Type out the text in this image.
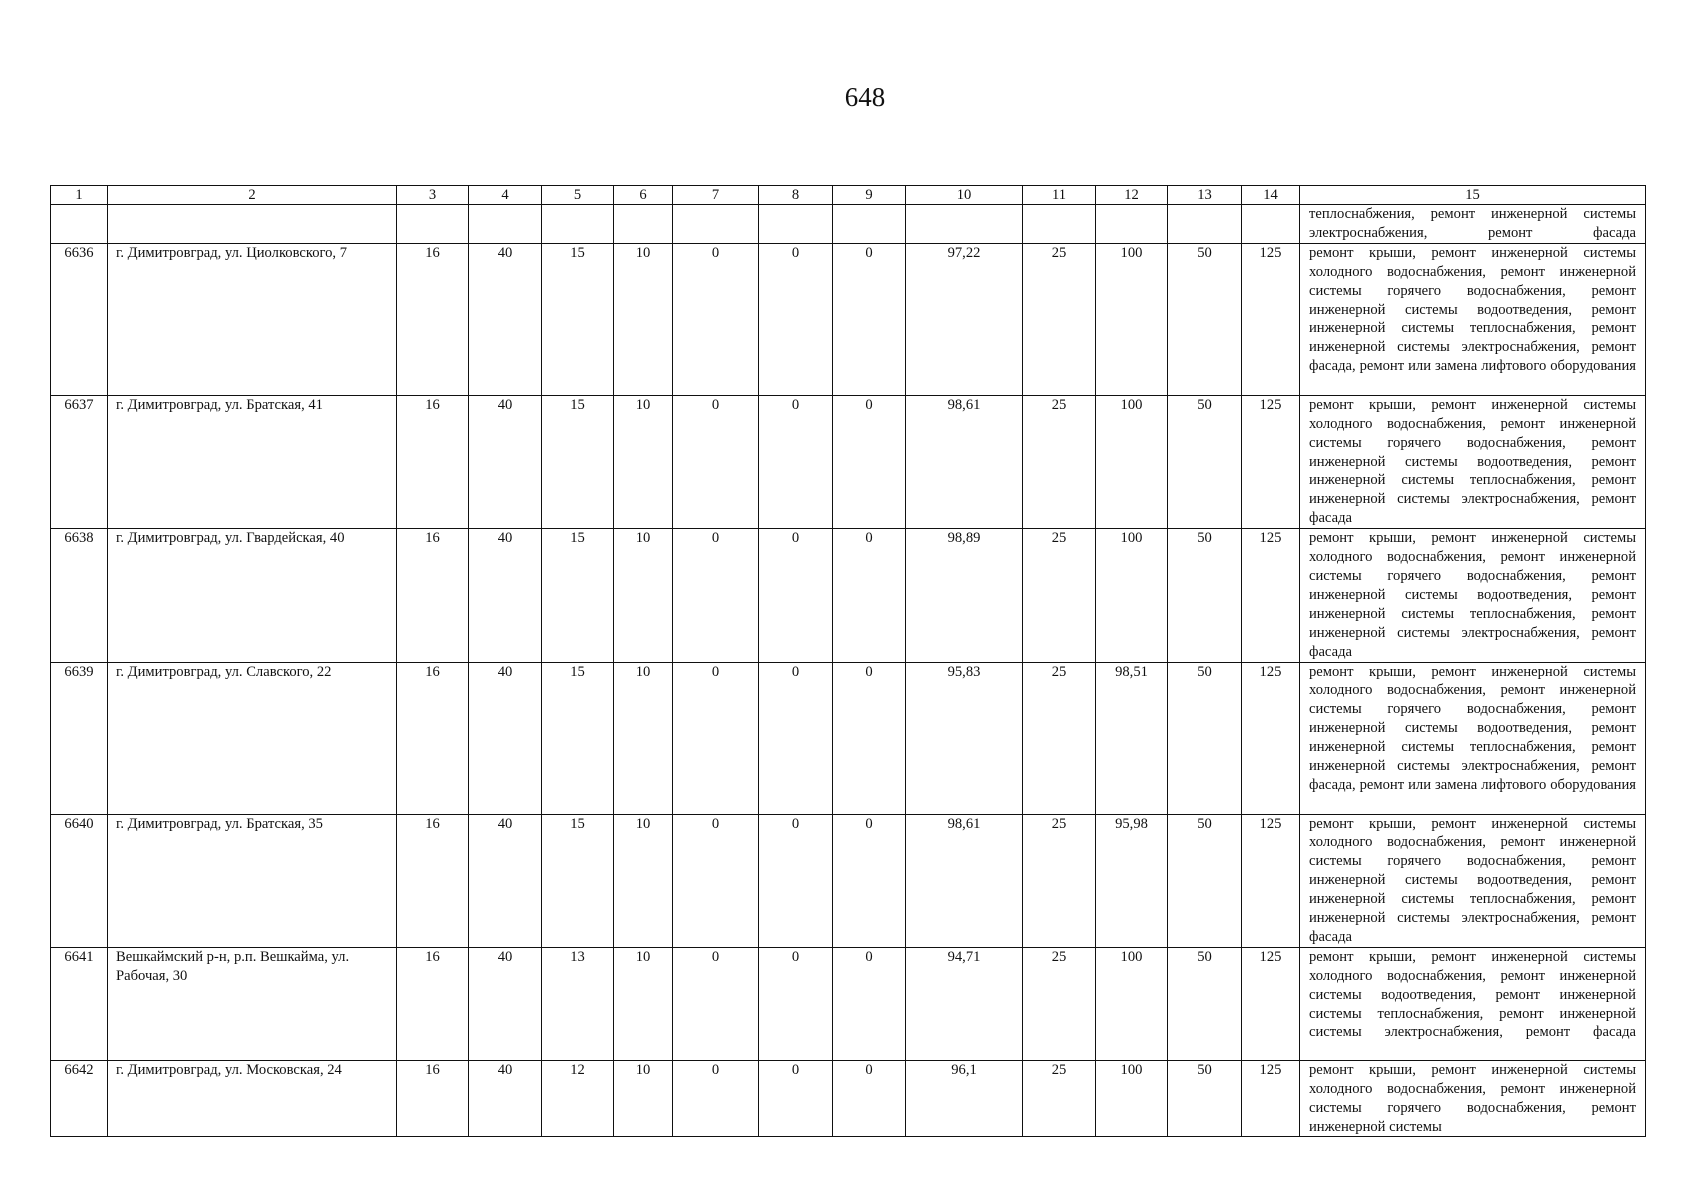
648
1	2	3	4	5	6	7	8	9	10	11	12	13	14	15
														теплоснабжения, ремонт инженерной системы электроснабжения, ремонт фасада
6636	г. Димитровград, ул. Циолковского, 7	16	40	15	10	0	0	0	97,22	25	100	50	125	ремонт крыши, ремонт инженерной системы холодного водоснабжения, ремонт инженерной системы горячего водоснабжения, ремонт инженерной системы водоотведения, ремонт инженерной системы теплоснабжения, ремонт инженерной системы электроснабжения, ремонт фасада, ремонт или замена лифтового оборудования
6637	г. Димитровград, ул. Братская, 41	16	40	15	10	0	0	0	98,61	25	100	50	125	ремонт крыши, ремонт инженерной системы холодного водоснабжения, ремонт инженерной системы горячего водоснабжения, ремонт инженерной системы водоотведения, ремонт инженерной системы теплоснабжения, ремонт инженерной системы электроснабжения, ремонт фасада
6638	г. Димитровград, ул. Гвардейская, 40	16	40	15	10	0	0	0	98,89	25	100	50	125	ремонт крыши, ремонт инженерной системы холодного водоснабжения, ремонт инженерной системы горячего водоснабжения, ремонт инженерной системы водоотведения, ремонт инженерной системы теплоснабжения, ремонт инженерной системы электроснабжения, ремонт фасада
6639	г. Димитровград, ул. Славского, 22	16	40	15	10	0	0	0	95,83	25	98,51	50	125	ремонт крыши, ремонт инженерной системы холодного водоснабжения, ремонт инженерной системы горячего водоснабжения, ремонт инженерной системы водоотведения, ремонт инженерной системы теплоснабжения, ремонт инженерной системы электроснабжения, ремонт фасада, ремонт или замена лифтового оборудования
6640	г. Димитровград, ул. Братская, 35	16	40	15	10	0	0	0	98,61	25	95,98	50	125	ремонт крыши, ремонт инженерной системы холодного водоснабжения, ремонт инженерной системы горячего водоснабжения, ремонт инженерной системы водоотведения, ремонт инженерной системы теплоснабжения, ремонт инженерной системы электроснабжения, ремонт фасада
6641	Вешкаймский р-н, р.п. Вешкайма, ул. Рабочая, 30	16	40	13	10	0	0	0	94,71	25	100	50	125	ремонт крыши, ремонт инженерной системы холодного водоснабжения, ремонт инженерной системы водоотведения, ремонт инженерной системы теплоснабжения, ремонт инженерной системы электроснабжения, ремонт фасада
6642	г. Димитровград, ул. Московская, 24	16	40	12	10	0	0	0	96,1	25	100	50	125	ремонт крыши, ремонт инженерной системы холодного водоснабжения, ремонт инженерной системы горячего водоснабжения, ремонт инженерной системы
